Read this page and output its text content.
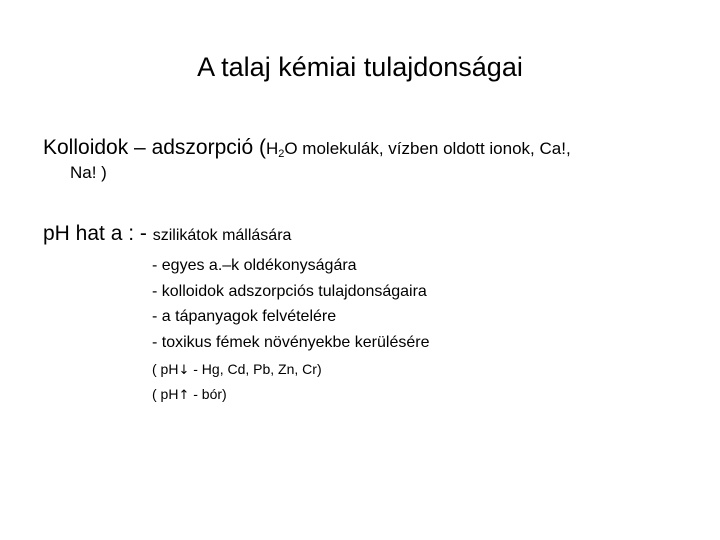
A talaj kémiai tulajdonságai
Kolloidok – adszorpció ($H_2O$ molekulák, vízben oldott ionok, Ca!,
Na! )
pH hat a : - szilikátok mállására
- egyes a.–k oldékonyságára
- kolloidok adszorpciós tulajdonságaira
- a tápanyagok felvételére
- toxikus fémek növényekbe kerülésére
( pH↓ - Hg, Cd, Pb, Zn, Cr)
( pH↑ - bór)
